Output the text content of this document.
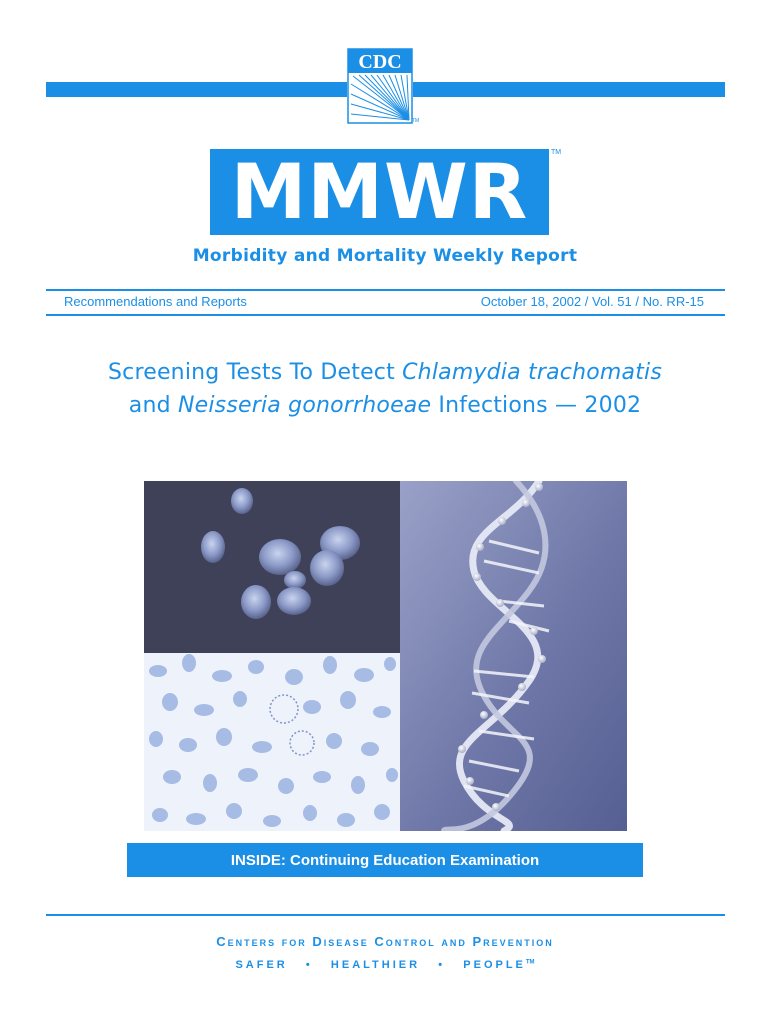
CDC
TM
MMWR	TM
Morbidity and Mortality Weekly Report
Recommendations and Reports	October 18, 2002 / Vol. 51 / No. RR-15
Screening Tests To Detect Chlamydia trachomatis
and Neisseria gonorrhoeae Infections — 2002
INSIDE: Continuing Education Examination
Centers for Disease Control and Prevention
SAFER • HEALTHIER • PEOPLE™
